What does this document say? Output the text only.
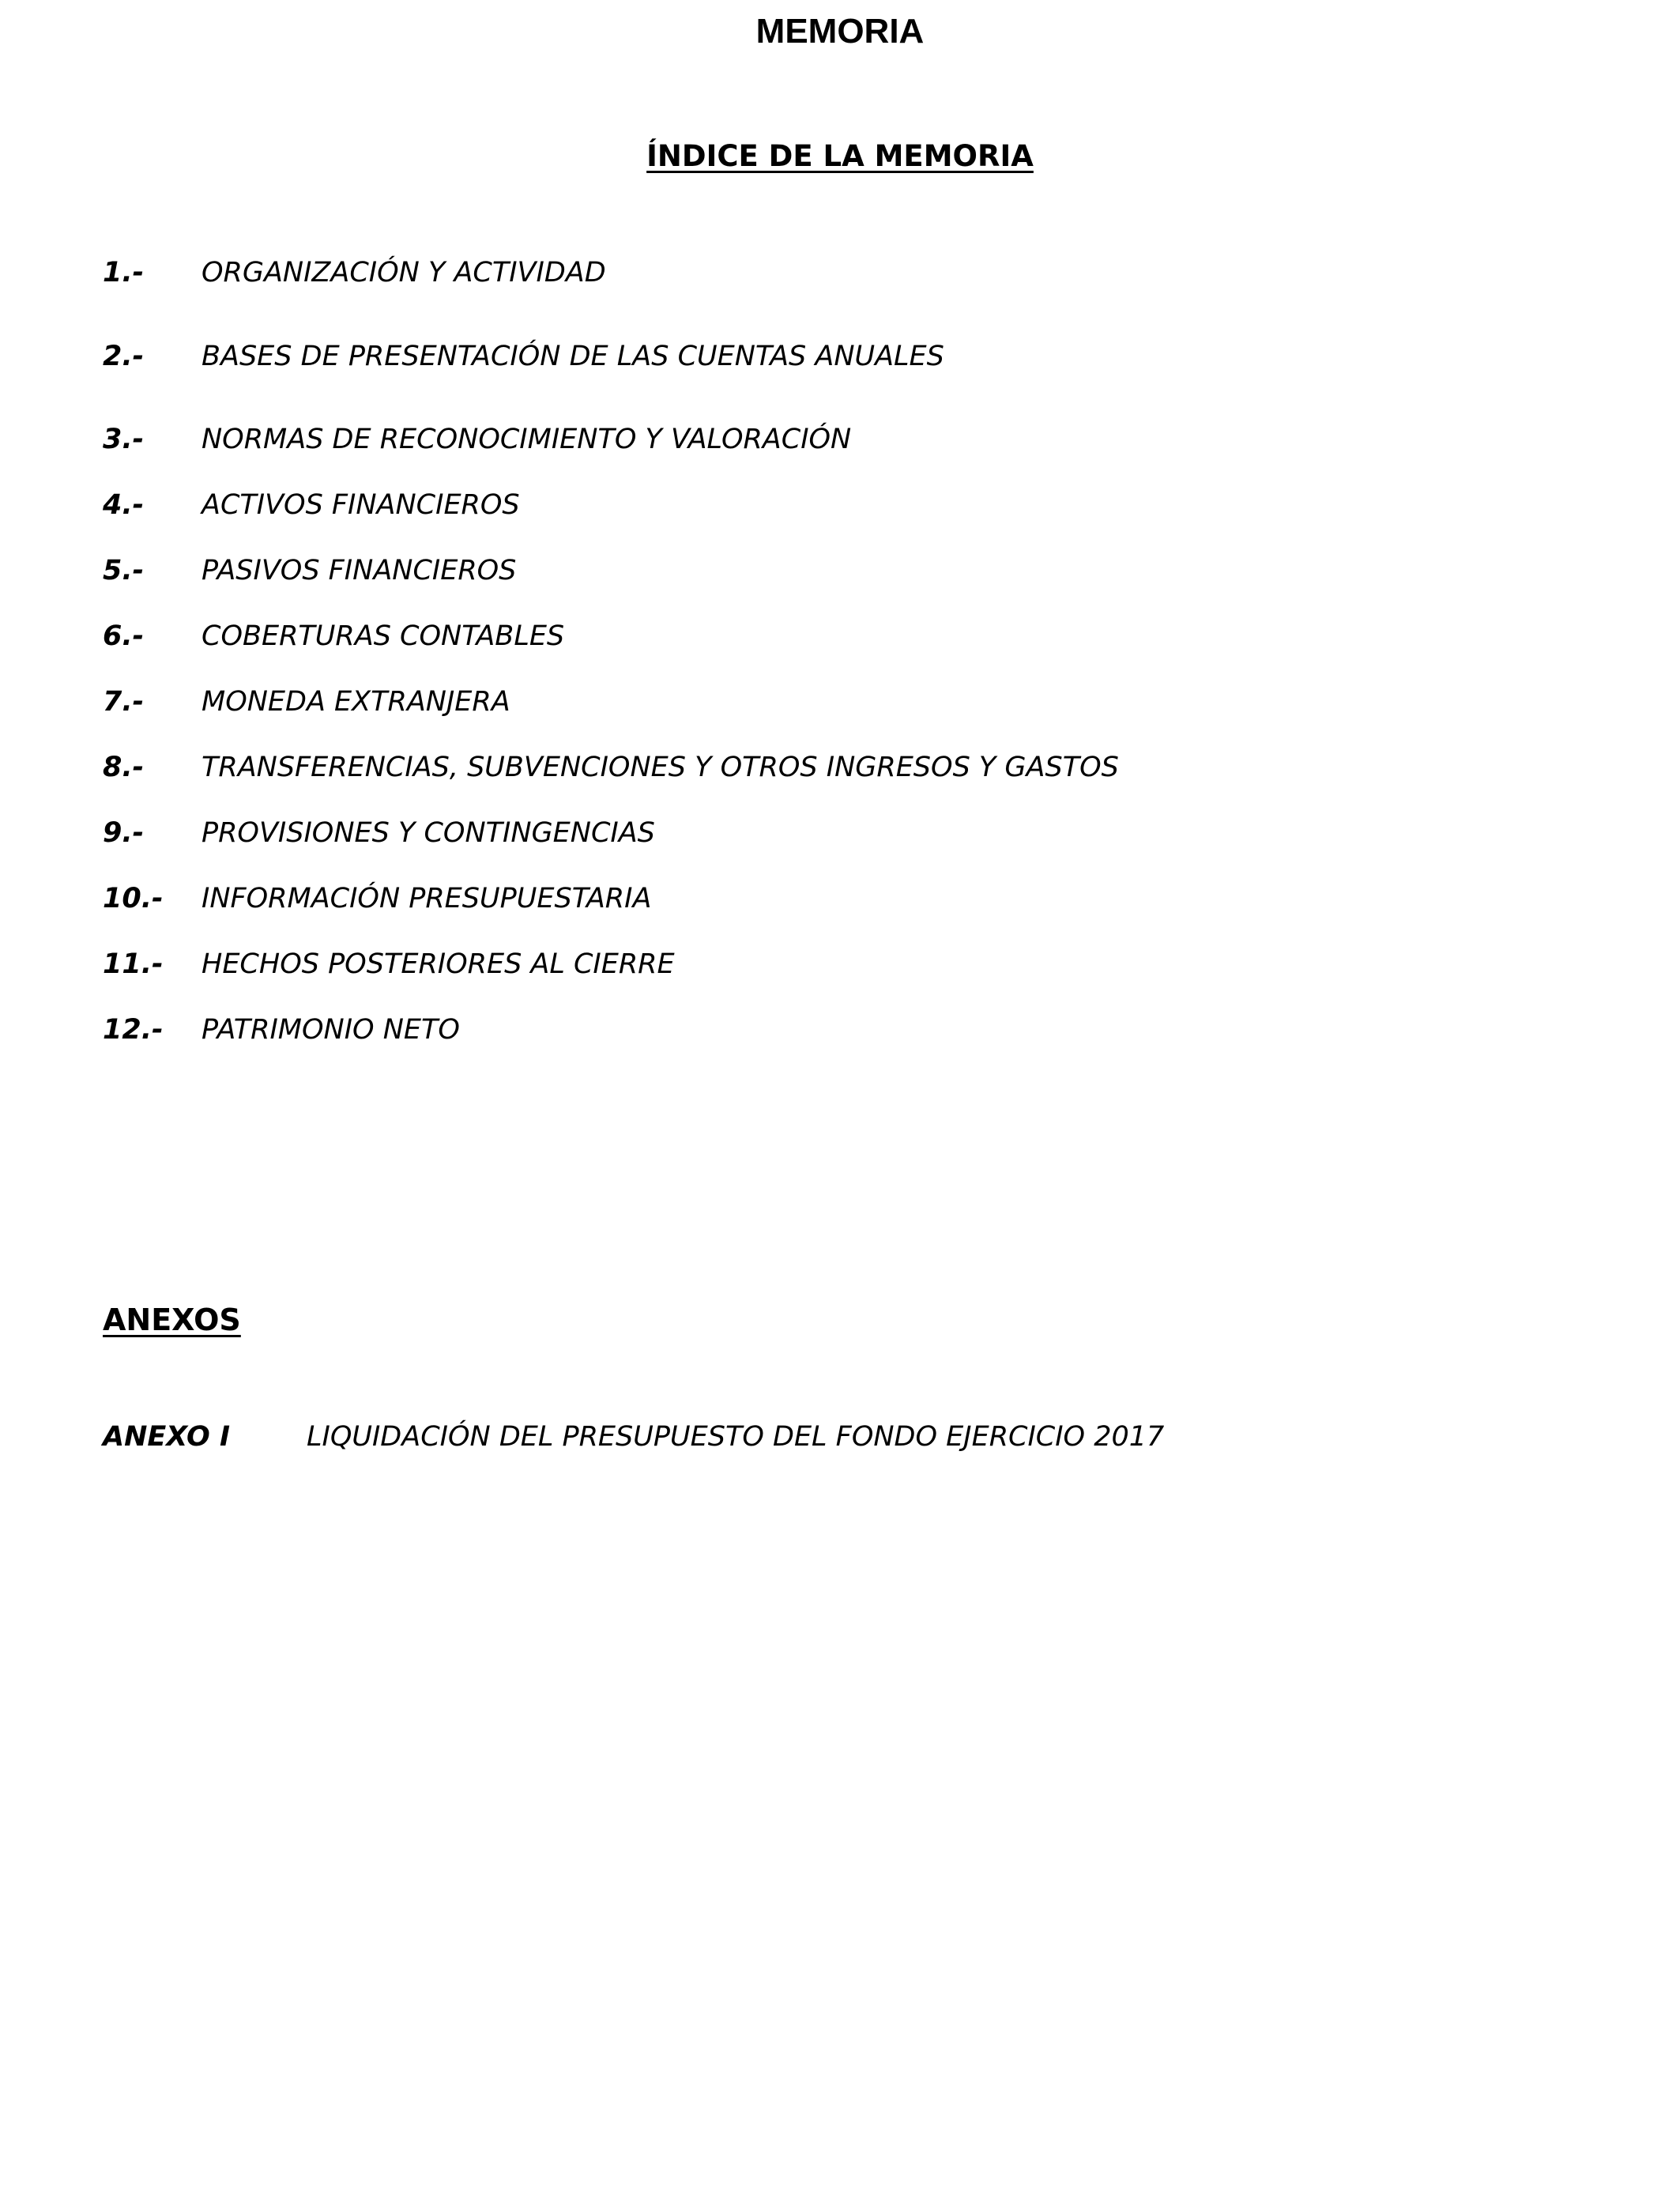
MEMORIA
ÍNDICE DE LA MEMORIA
1.- ORGANIZACIÓN Y ACTIVIDAD
2.- BASES DE PRESENTACIÓN DE LAS CUENTAS ANUALES
3.- NORMAS DE RECONOCIMIENTO Y VALORACIÓN
4.- ACTIVOS FINANCIEROS
5.- PASIVOS FINANCIEROS
6.- COBERTURAS CONTABLES
7.- MONEDA EXTRANJERA
8.- TRANSFERENCIAS, SUBVENCIONES Y OTROS INGRESOS Y GASTOS
9.- PROVISIONES Y CONTINGENCIAS
10.- INFORMACIÓN PRESUPUESTARIA
11.- HECHOS POSTERIORES AL CIERRE
12.- PATRIMONIO NETO
ANEXOS
ANEXO I	LIQUIDACIÓN DEL PRESUPUESTO DEL FONDO EJERCICIO 2017
